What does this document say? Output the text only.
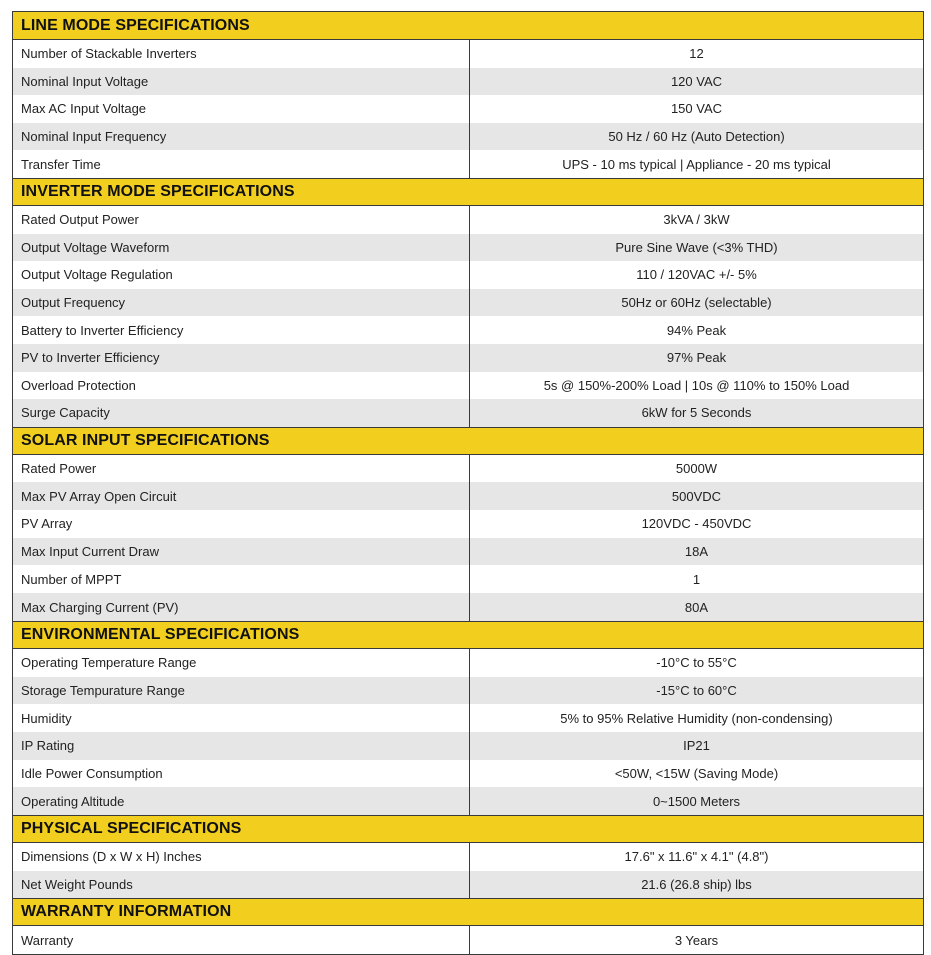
LINE MODE SPECIFICATIONS
Number of Stackable Inverters	12
Nominal Input Voltage	120 VAC
Max AC Input Voltage	150 VAC
Nominal Input Frequency	50 Hz / 60 Hz (Auto Detection)
Transfer Time	UPS - 10 ms typical | Appliance - 20 ms typical
INVERTER MODE SPECIFICATIONS
Rated Output Power	3kVA / 3kW
Output Voltage Waveform	Pure Sine Wave (<3% THD)
Output Voltage Regulation	110 / 120VAC +/- 5%
Output Frequency	50Hz or 60Hz (selectable)
Battery to Inverter Efficiency	94% Peak
PV to Inverter Efficiency	97% Peak
Overload Protection	5s @ 150%-200% Load | 10s @ 110% to 150% Load
Surge Capacity	6kW for 5 Seconds
SOLAR INPUT SPECIFICATIONS
Rated Power	5000W
Max PV Array Open Circuit	500VDC
PV Array	120VDC - 450VDC
Max Input Current Draw	18A
Number of MPPT	1
Max Charging Current (PV)	80A
ENVIRONMENTAL SPECIFICATIONS
Operating Temperature Range	-10°C to 55°C
Storage Tempurature Range	-15°C to 60°C
Humidity	5% to 95% Relative Humidity (non-condensing)
IP Rating	IP21
Idle Power Consumption	<50W, <15W (Saving Mode)
Operating Altitude	0~1500 Meters
PHYSICAL SPECIFICATIONS
Dimensions (D x W x H) Inches	17.6" x 11.6" x 4.1" (4.8")
Net Weight Pounds	21.6 (26.8 ship) lbs
WARRANTY INFORMATION
Warranty	3 Years
